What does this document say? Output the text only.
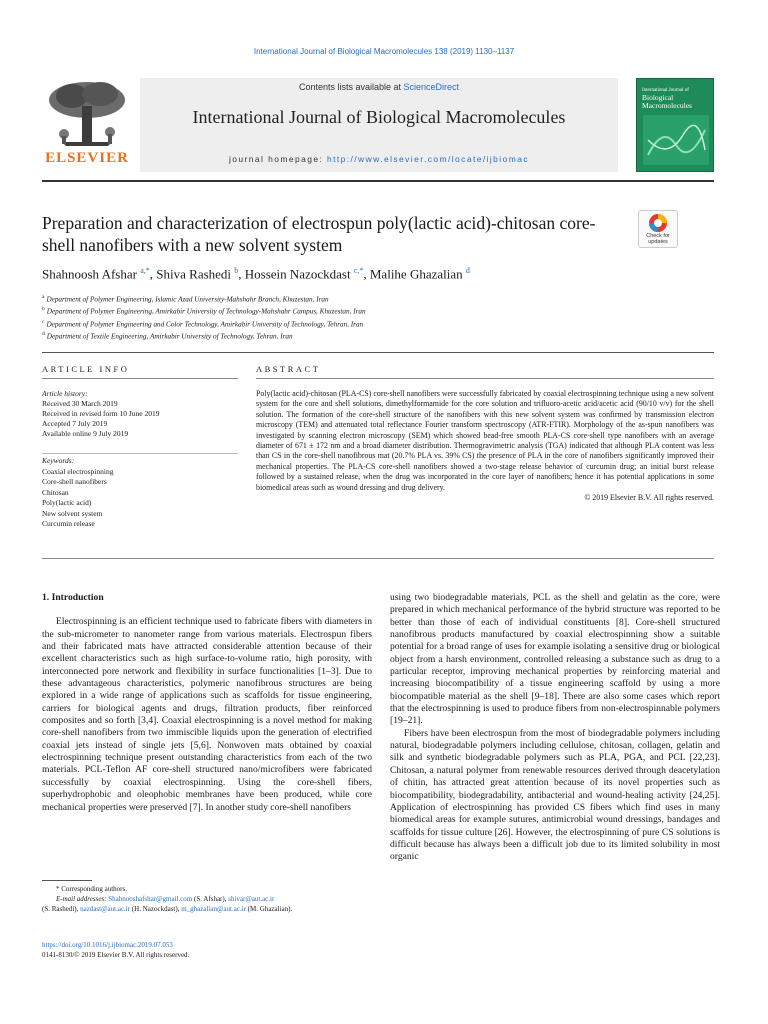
International Journal of Biological Macromolecules 138 (2019) 1130–1137
ELSEVIER
Contents lists available at ScienceDirect
International Journal of Biological Macromolecules
journal homepage: http://www.elsevier.com/locate/ijbiomac
International Journal of
Biological Macromolecules
Preparation and characterization of electrospun poly(lactic acid)-chitosan core-shell nanofibers with a new solvent system	Check for updates
Shahnoosh Afshar $^{a,*}$, Shiva Rashedi $^b$, Hossein Nazockdast $^{c,*}$, Malihe Ghazalian $^d$
$^a$ Department of Polymer Engineering, Islamic Azad University-Mahshahr Branch, Khuzestan, Iran
$^b$ Department of Polymer Engineering, Amirkabir University of Technology-Mahshahr Campus, Khuzestan, Iran
$^c$ Department of Polymer Engineering and Color Technology, Amirkabir University of Technology, Tehran, Iran
$^d$ Department of Textile Engineering, Amirkabir University of Technology, Tehran, Iran
ARTICLE INFO	ABSTRACT
Article history:
Received 30 March 2019
Received in revised form 10 June 2019
Accepted 7 July 2019
Available online 9 July 2019
Keywords:
Coaxial electrospinning
Core-shell nanofibers
Chitosan
Poly(lactic acid)
New solvent system
Curcumin release
Poly(lactic acid)-chitosan (PLA-CS) core-shell nanofibers were successfully fabricated by coaxial electrospinning technique using a new solvent system for the core and shell solutions, dimethylformamide for the core solution and trifluoro-acetic acid/acetic acid (90/10 v/v) for the shell solution. The formation of the core-shell structure of the nanofibers with this new solvent system was confirmed by transmission electron microscopy (TEM) and attenuated total reflectance Fourier transform spectroscopy (ATR-FTIR). Morphology of the as-spun nanofibers was investigated by scanning electron microscopy (SEM) which showed bead-free smooth PLA-CS core-shell type nanofibers with an average diameter of 671 ± 172 nm and a broad diameter distribution. Thermogravimetric analysis (TGA) indicated that although PLA content was less than CS in the core-shell nanofibrous mat (20.7% PLA vs. 39% CS) the presence of PLA in the core of nanofibers significantly improved their mechanical properties. The PLA-CS core-shell nanofibers showed a two-stage release behavior of curcumin drug; an initial burst release followed by a sustained release, when the drug was incorporated in the core layer of nanofibers; hence it has potential applications in some biomedical areas such as wound dressing and drug delivery.
© 2019 Elsevier B.V. All rights reserved.
1. Introduction
Electrospinning is an efficient technique used to fabricate fibers with diameters in the sub-micrometer to nanometer range from various materials. Electrospun fibers and their fabricated mats have attracted considerable attention because of their excellent characteristics such as high surface-to-volume ratio, high porosity, with interconnected pore network and flexibility in surface functionalities [1–3]. Due to these advantageous characteristics, polymeric nanofibrous structures are being explored in a wide range of applications such as scaffolds for tissue engineering, carriers for biological agents and drugs, filtration products, fiber reinforced composites and so forth [3,4]. Coaxial electrospinning is a novel method for making core-shell nanofibers from two immiscible liquids upon the generation of electrified coaxial jets instead of single jets [5,6]. Nonwoven mats obtained by coaxial electrospinning technique present outstanding characteristics from each of the two materials. PCL-Teflon AF core-shell structured nano/microfibers were fabricated successfully by coaxial electrospinning. Using the core-shell fibers, superhydrophobic and oleophobic membranes have been produced, while core mechanical properties were preserved [7]. In another study core-shell nanofibers
using two biodegradable materials, PCL as the shell and gelatin as the core, were prepared in which mechanical performance of the hybrid structure was reported to be better than those of each of individual constituents [8]. Core-shell structured nanofibrous products manufactured by coaxial electrospinning show a suitable potential for a broad range of uses for example isolating a sensitive drug or biological object from a harsh environment, controlled releasing a substance such as drug to a particular receptor, improving mechanical properties by reinforcing material and increasing biocompatibility of a tissue engineering scaffold by using a more biocompatible material as the shell [9–18]. There are also some cases which report that the electrospinning is used to produce fibers from non-electrospinnable polymers [19–21].
Fibers have been electrospun from the most of biodegradable polymers including natural, biodegradable polymers including cellulose, chitosan, collagen, gelatin and silk and synthetic biodegradable polymers such as PLA, PGA, and PCL [22,23]. Chitosan, a natural polymer from renewable resources derived through deacetylation of chitin, has attracted great attention because of its novel properties such as biocompatibility, biodegradability, antibacterial and wound-healing activity [24,25]. Application of electrospinning has provided CS fibers which find uses in many biomedical areas for example sutures, antimicrobial wound dressings, bandages and scaffolds for tissue culture [26]. However, the electrospinning of pure CS solutions is difficult because has always been a difficult job due to its limited solubility in most organic
* Corresponding authors.
E-mail addresses: Shahnooshafshar@gmail.com (S. Afshar), shivar@aut.ac.ir
(S. Rashedi), nazdast@aut.ac.ir (H. Nazockdast), m_ghazalian@aut.ac.ir (M. Ghazalian).
https://doi.org/10.1016/j.ijbiomac.2019.07.053
0141-8130/© 2019 Elsevier B.V. All rights reserved.
